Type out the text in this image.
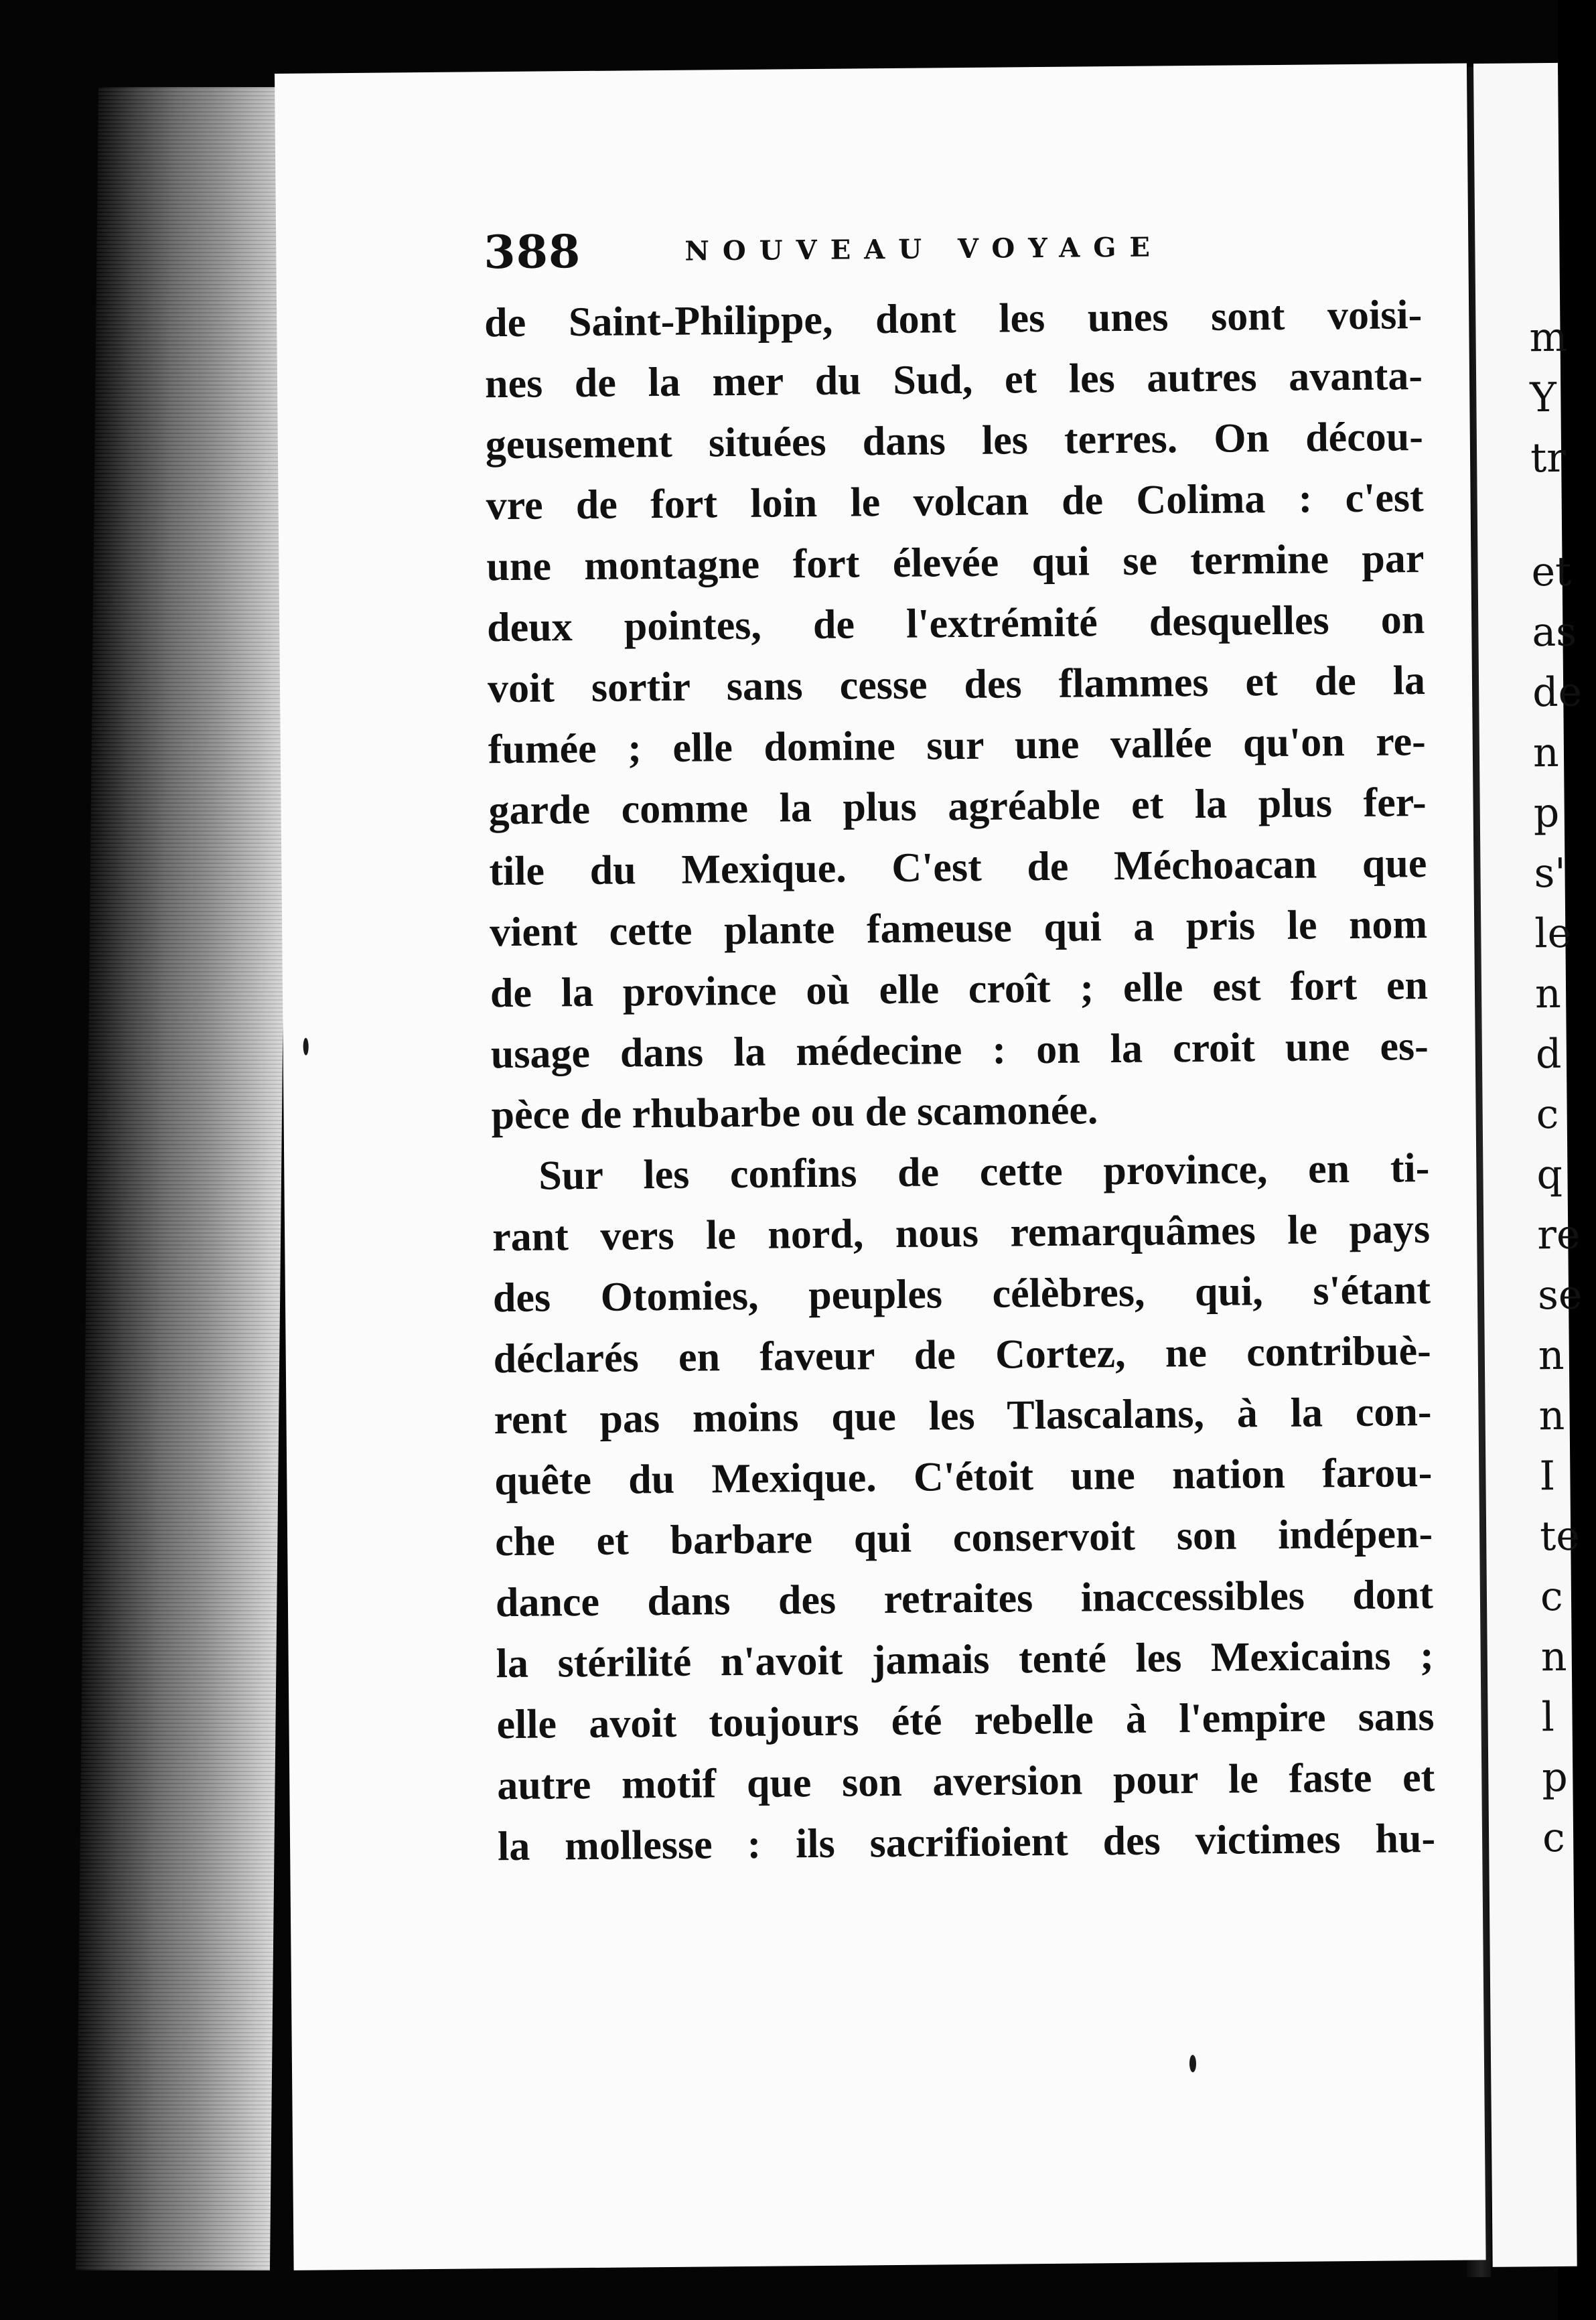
m
Y
tr
et
as
de
n
p
s'
le
n
d
c
q
re
se
n
n
I
te
c
n
l
p
c
388	NOUVEAU VOYAGE
de Saint-Philippe, dont les unes sont voisi-
nes de la mer du Sud, et les autres avanta-
geusement situées dans les terres. On décou-
vre de fort loin le volcan de Colima : c'est
une montagne fort élevée qui se termine par
deux pointes, de l'extrémité desquelles on
voit sortir sans cesse des flammes et de la
fumée ; elle domine sur une vallée qu'on re-
garde comme la plus agréable et la plus fer-
tile du Mexique. C'est de Méchoacan que
vient cette plante fameuse qui a pris le nom
de la province où elle croît ; elle est fort en
usage dans la médecine : on la croit une es-
pèce de rhubarbe ou de scamonée.
Sur les confins de cette province, en ti-
rant vers le nord, nous remarquâmes le pays
des Otomies, peuples célèbres, qui, s'étant
déclarés en faveur de Cortez, ne contribuè-
rent pas moins que les Tlascalans, à la con-
quête du Mexique. C'étoit une nation farou-
che et barbare qui conservoit son indépen-
dance dans des retraites inaccessibles dont
la stérilité n'avoit jamais tenté les Mexicains ;
elle avoit toujours été rebelle à l'empire sans
autre motif que son aversion pour le faste et
la mollesse : ils sacrifioient des victimes hu-
